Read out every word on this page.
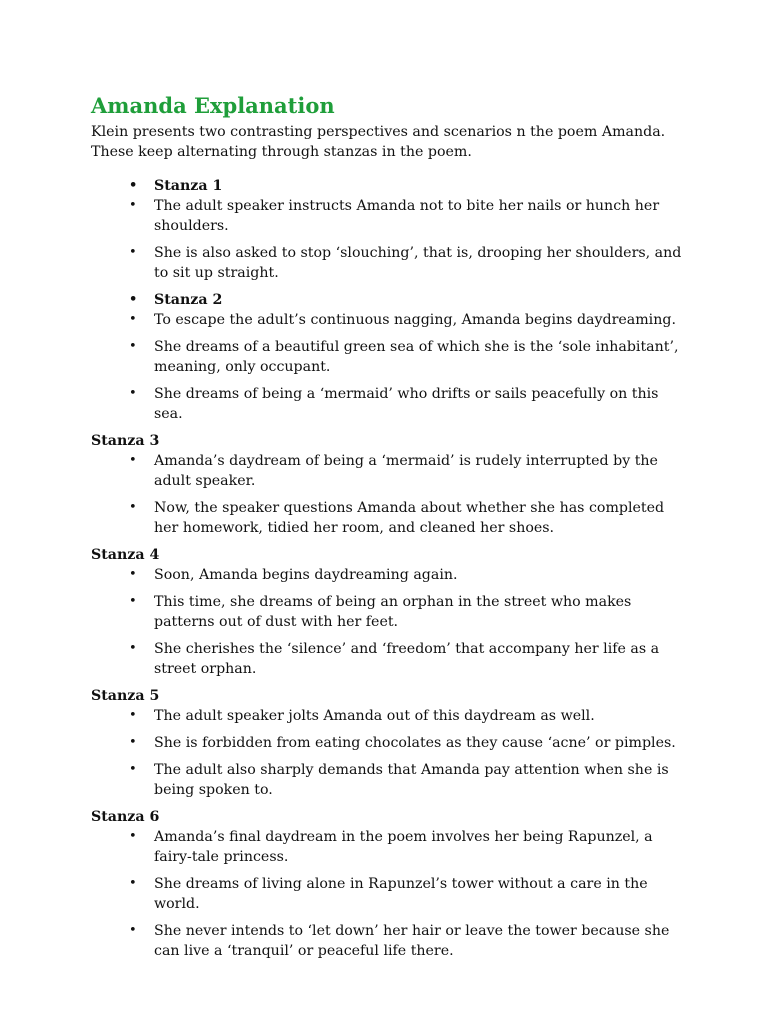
Amanda Explanation

Klein presents two contrasting perspectives and scenarios n the poem Amanda. These keep alternating through stanzas in the poem.

• Stanza 1
• The adult speaker instructs Amanda not to bite her nails or hunch her shoulders.
• She is also asked to stop ‘slouching’, that is, drooping her shoulders, and to sit up straight.
• Stanza 2
• To escape the adult’s continuous nagging, Amanda begins daydreaming.
• She dreams of a beautiful green sea of which she is the ‘sole inhabitant’, meaning, only occupant.
• She dreams of being a ‘mermaid’ who drifts or sails peacefully on this sea.
Stanza 3
• Amanda’s daydream of being a ‘mermaid’ is rudely interrupted by the adult speaker.
• Now, the speaker questions Amanda about whether she has completed her homework, tidied her room, and cleaned her shoes.
Stanza 4
• Soon, Amanda begins daydreaming again.
• This time, she dreams of being an orphan in the street who makes patterns out of dust with her feet.
• She cherishes the ‘silence’ and ‘freedom’ that accompany her life as a street orphan.
Stanza 5
• The adult speaker jolts Amanda out of this daydream as well.
• She is forbidden from eating chocolates as they cause ‘acne’ or pimples.
• The adult also sharply demands that Amanda pay attention when she is being spoken to.
Stanza 6
• Amanda’s final daydream in the poem involves her being Rapunzel, a fairy-tale princess.
• She dreams of living alone in Rapunzel’s tower without a care in the world.
• She never intends to ‘let down’ her hair or leave the tower because she can live a ‘tranquil’ or peaceful life there.
